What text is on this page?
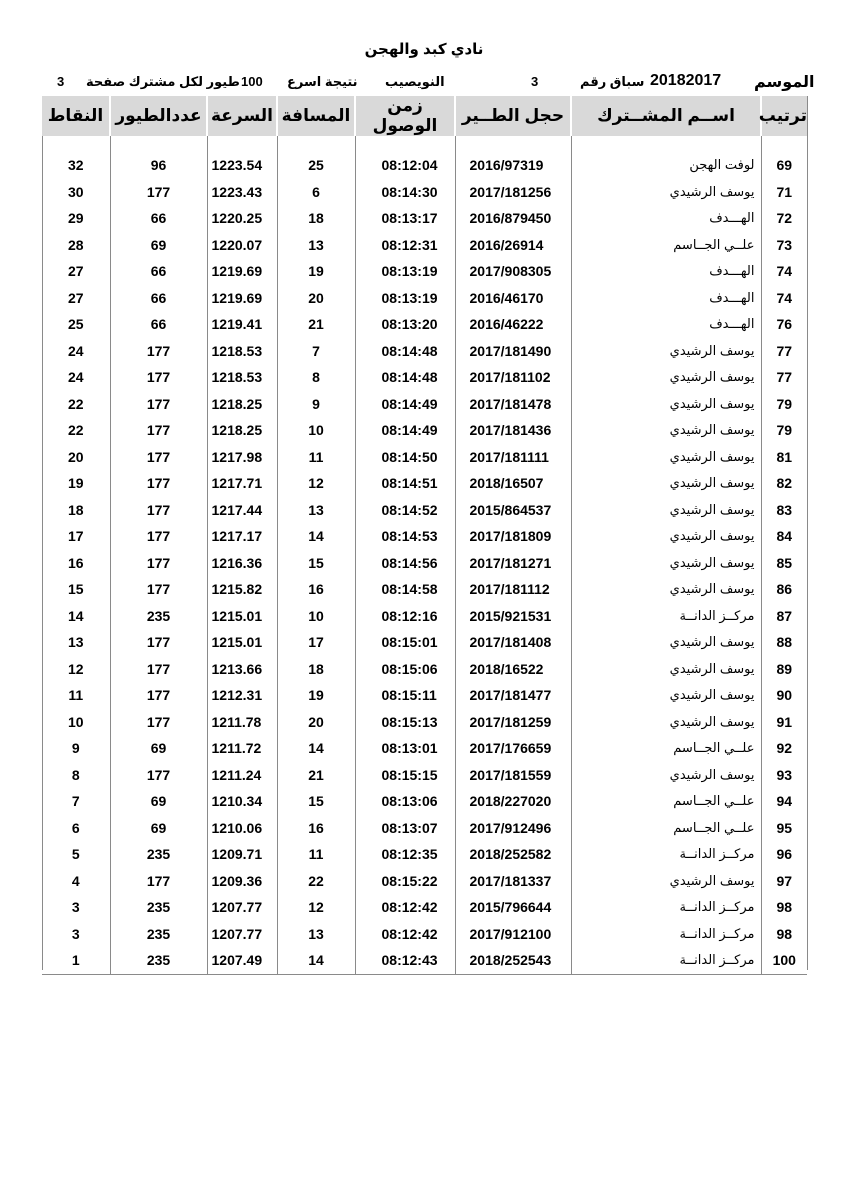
نادي كبد والهجن
الموسم
20182017
سباق رقم
3
النويصيب
نتيجة اسرع
100
طيور لكل مشترك صفحة
3
ترتيب	اســم المشــترك	حجل الطــير	زمن الوصول	المسافة	السرعة	عددالطيور	النقاط

69	لوفت الهجن	2016/97319	08:12:04	25	1223.54	96	32
71	يوسف الرشيدي	2017/181256	08:14:30	6	1223.43	177	30
72	الهـــدف	2016/879450	08:13:17	18	1220.25	66	29
73	علــي الجــاسم	2016/26914	08:12:31	13	1220.07	69	28
74	الهـــدف	2017/908305	08:13:19	19	1219.69	66	27
74	الهـــدف	2016/46170	08:13:19	20	1219.69	66	27
76	الهـــدف	2016/46222	08:13:20	21	1219.41	66	25
77	يوسف الرشيدي	2017/181490	08:14:48	7	1218.53	177	24
77	يوسف الرشيدي	2017/181102	08:14:48	8	1218.53	177	24
79	يوسف الرشيدي	2017/181478	08:14:49	9	1218.25	177	22
79	يوسف الرشيدي	2017/181436	08:14:49	10	1218.25	177	22
81	يوسف الرشيدي	2017/181111	08:14:50	11	1217.98	177	20
82	يوسف الرشيدي	2018/16507	08:14:51	12	1217.71	177	19
83	يوسف الرشيدي	2015/864537	08:14:52	13	1217.44	177	18
84	يوسف الرشيدي	2017/181809	08:14:53	14	1217.17	177	17
85	يوسف الرشيدي	2017/181271	08:14:56	15	1216.36	177	16
86	يوسف الرشيدي	2017/181112	08:14:58	16	1215.82	177	15
87	مركــز الدانــة	2015/921531	08:12:16	10	1215.01	235	14
88	يوسف الرشيدي	2017/181408	08:15:01	17	1215.01	177	13
89	يوسف الرشيدي	2018/16522	08:15:06	18	1213.66	177	12
90	يوسف الرشيدي	2017/181477	08:15:11	19	1212.31	177	11
91	يوسف الرشيدي	2017/181259	08:15:13	20	1211.78	177	10
92	علــي الجــاسم	2017/176659	08:13:01	14	1211.72	69	9
93	يوسف الرشيدي	2017/181559	08:15:15	21	1211.24	177	8
94	علــي الجــاسم	2018/227020	08:13:06	15	1210.34	69	7
95	علــي الجــاسم	2017/912496	08:13:07	16	1210.06	69	6
96	مركــز الدانــة	2018/252582	08:12:35	11	1209.71	235	5
97	يوسف الرشيدي	2017/181337	08:15:22	22	1209.36	177	4
98	مركــز الدانــة	2015/796644	08:12:42	12	1207.77	235	3
98	مركــز الدانــة	2017/912100	08:12:42	13	1207.77	235	3
100	مركــز الدانــة	2018/252543	08:12:43	14	1207.49	235	1
